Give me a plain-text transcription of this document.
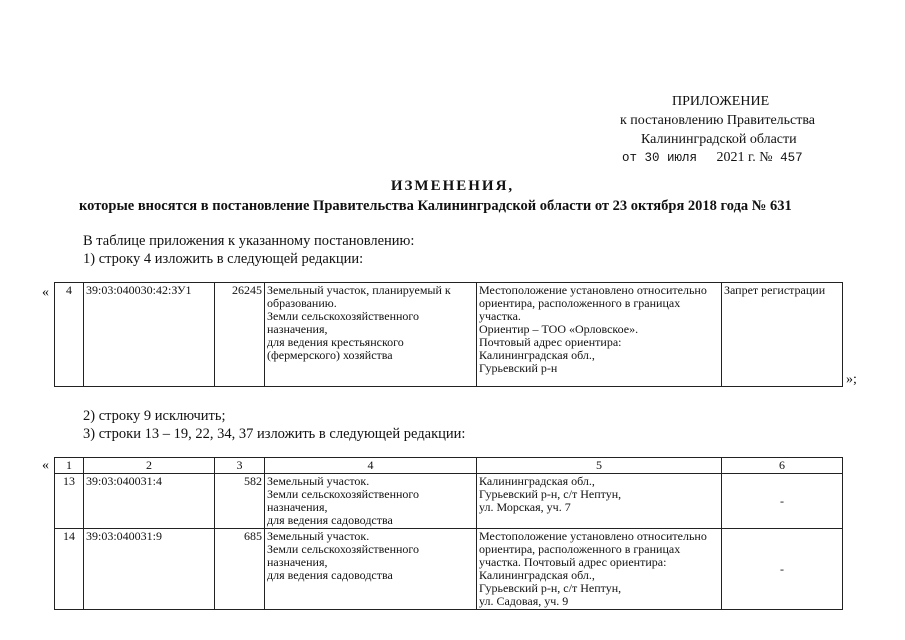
ПРИЛОЖЕНИЕ
к постановлению Правительства
Калининградской области
от 30 июля 2021 г. № 457
ИЗМЕНЕНИЯ,
которые вносятся в постановление Правительства Калининградской области от 23 октября 2018 года № 631
В таблице приложения к указанному постановлению:
1) строку 4 изложить в следующей редакции:
« 4	39:03:040030:42:ЗУ1	26245	Земельный участок, планируемый к образованию.
Земли сельскохозяйственного назначения,
для ведения крестьянского (фермерского) хозяйства	Местоположение установлено относительно ориентира, расположенного в границах участка.
Ориентир – ТОО «Орловское».
Почтовый адрес ориентира:
Калининградская обл.,
Гурьевский р-н	Запрет регистрации
»;
2) строку 9 исключить;
3) строки 13 – 19, 22, 34, 37 изложить в следующей редакции:
« 1	2	3	4	5	6
13	39:03:040031:4	582	Земельный участок.
Земли сельскохозяйственного назначения,
для ведения садоводства	Калининградская обл.,
Гурьевский р-н, с/т Нептун,
ул. Морская, уч. 7	-
14	39:03:040031:9	685	Земельный участок.
Земли сельскохозяйственного назначения,
для ведения садоводства	Местоположение установлено относительно ориентира, расположенного в границах участка. Почтовый адрес ориентира: Калининградская обл.,
Гурьевский р-н, с/т Нептун,
ул. Садовая, уч. 9	-
